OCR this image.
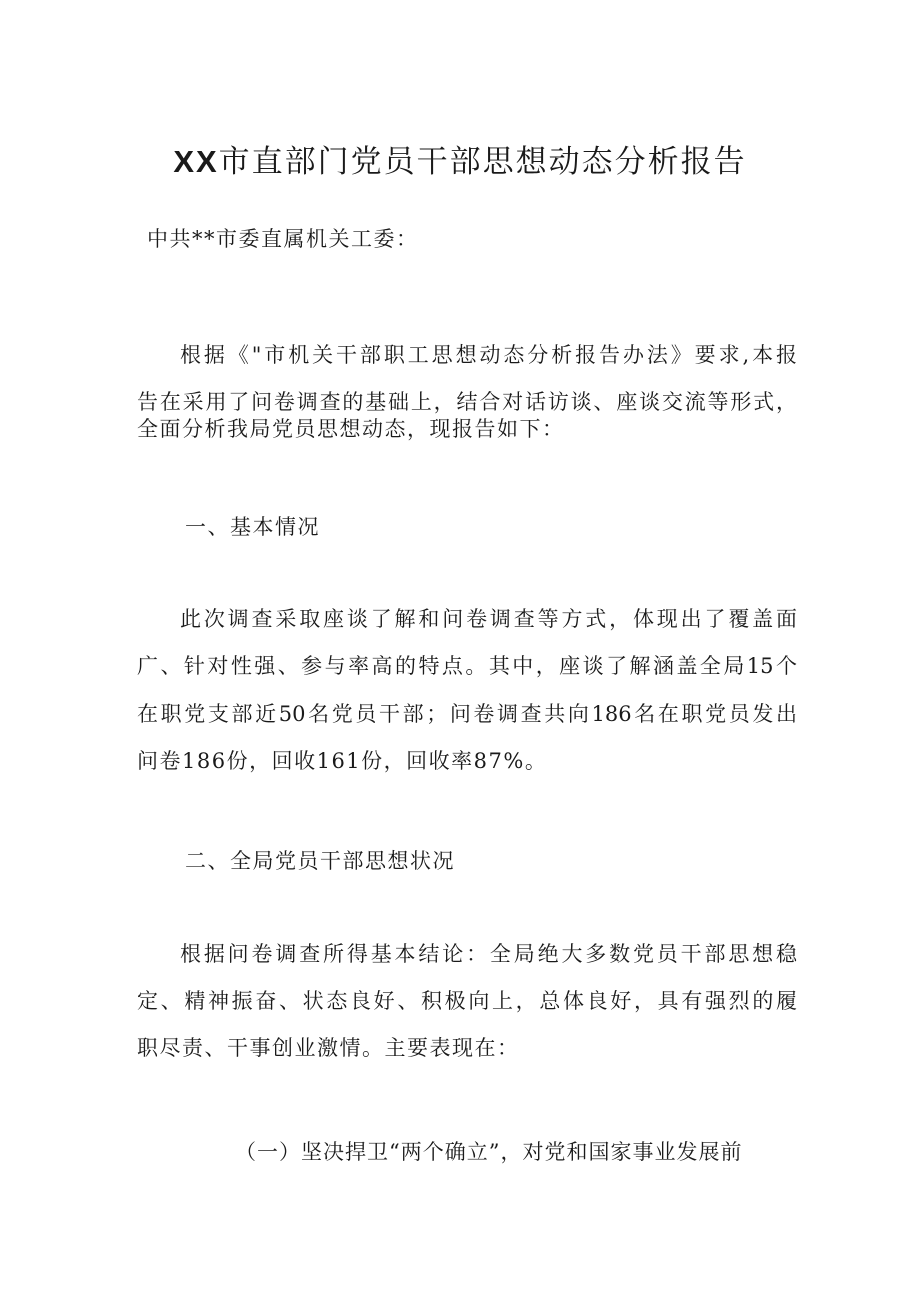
XX市直部门党员干部思想动态分析报告
中共**市委直属机关工委：
根据《"市机关干部职工思想动态分析报告办法》要求,本报
告在采用了问卷调查的基础上，结合对话访谈、座谈交流等形式，
全面分析我局党员思想动态，现报告如下：
一、基本情况
此次调查采取座谈了解和问卷调查等方式，体现出了覆盖面
广、针对性强、参与率高的特点。其中，座谈了解涵盖全局15个
在职党支部近50名党员干部；问卷调查共向186名在职党员发出
问卷186份，回收161份，回收率87%。
二、全局党员干部思想状况
根据问卷调查所得基本结论：全局绝大多数党员干部思想稳
定、精神振奋、状态良好、积极向上，总体良好，具有强烈的履
职尽责、干事创业激情。主要表现在：
（一）坚决捍卫“两个确立”，对党和国家事业发展前
